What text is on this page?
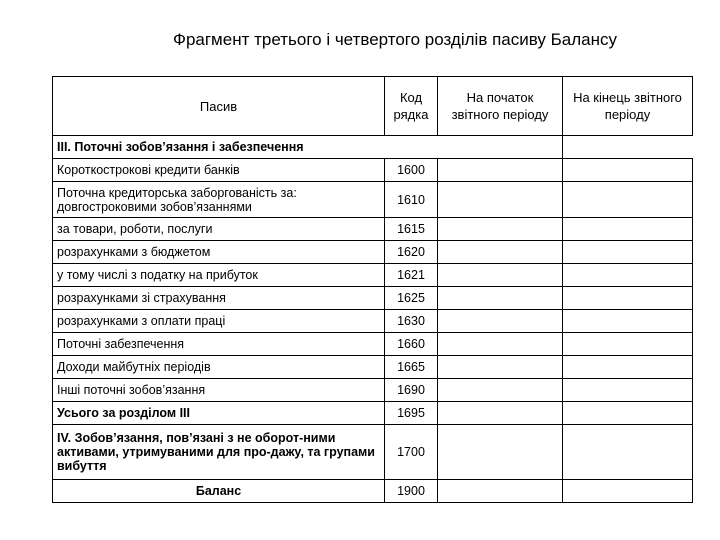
Фрагмент третього і четвертого розділів пасиву Балансу
Пасив	Код рядка	На початок звітного періоду	На кінець звітного періоду
ІІІ. Поточні зобов’язання і забезпечення			
Короткострокові кредити банків	1600		
Поточна кредиторська заборгованість за: довгостроковими зобов’язаннями	1610		
за товари, роботи, послуги	1615		
розрахунками з бюджетом	1620		
у тому числі з податку на прибуток	1621		
розрахунками зі страхування	1625		
розрахунками з оплати праці	1630		
Поточні забезпечення	1660		
Доходи майбутніх періодів	1665		
Інші поточні зобов’язання	1690		
Усього за розділом ІІІ	1695		
IV. Зобов’язання, пов’язані з не оборот-ними активами, утримуваними для про-дажу, та групами вибуття	1700		
Баланс	1900		
